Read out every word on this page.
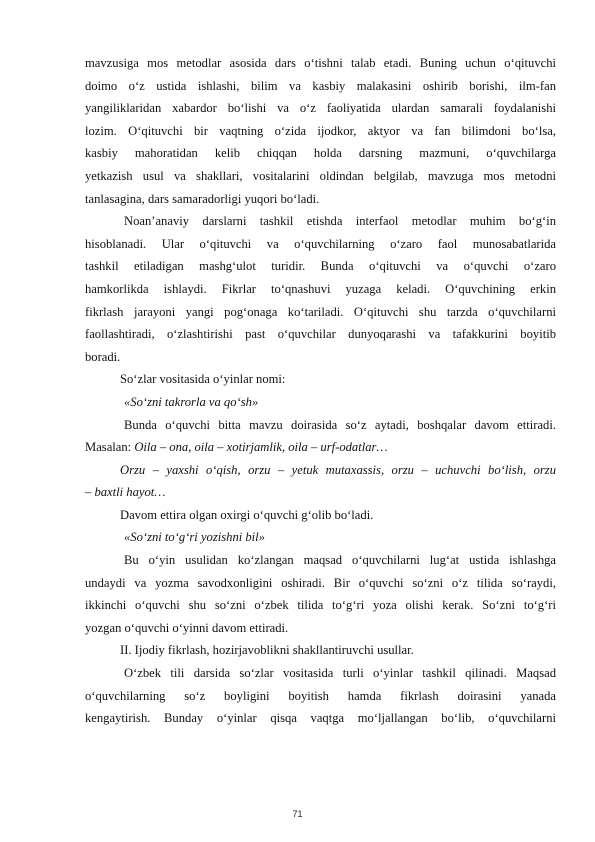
mavzusiga mos metodlar asosida dars o‘tishni talab etadi. Buning uchun o‘qituvchi
doimo o‘z ustida ishlashi, bilim va kasbiy malakasini oshirib borishi, ilm-fan
yangiliklaridan xabardor bo‘lishi va o‘z faoliyatida ulardan samarali foydalanishi
lozim. O‘qituvchi bir vaqtning o‘zida ijodkor, aktyor va fan bilimdoni bo‘lsa,
kasbiy mahoratidan kelib chiqqan holda darsning mazmuni, o‘quvchilarga
yetkazish usul va shakllari, vositalarini oldindan belgilab, mavzuga mos metodni
tanlasagina, dars samaradorligi yuqori bo‘ladi.
Noan’anaviy darslarni tashkil etishda interfaol metodlar muhim bo‘g‘in
hisoblanadi. Ular o‘qituvchi va o‘quvchilarning o‘zaro faol munosabatlarida
tashkil etiladigan mashg‘ulot turidir. Bunda o‘qituvchi va o‘quvchi o‘zaro
hamkorlikda ishlaydi. Fikrlar to‘qnashuvi yuzaga keladi. O‘quvchining erkin
fikrlash jarayoni yangi pog‘onaga ko‘tariladi. O‘qituvchi shu tarzda o‘quvchilarni
faollashtiradi, o‘zlashtirishi past o‘quvchilar dunyoqarashi va tafakkurini boyitib
boradi.
So‘zlar vositasida o‘yinlar nomi:
«So‘zni takrorla va qo‘sh»
Bunda o‘quvchi bitta mavzu doirasida so‘z aytadi, boshqalar davom ettiradi.
Masalan: Oila – ona, oila – xotirjamlik, oila – urf-odatlar…
Orzu – yaxshi o‘qish, orzu – yetuk mutaxassis, orzu – uchuvchi bo‘lish, orzu
– baxtli hayot…
Davom ettira olgan oxirgi o‘quvchi g‘olib bo‘ladi.
«So‘zni to‘g‘ri yozishni bil»
Bu o‘yin usulidan ko‘zlangan maqsad o‘quvchilarni lug‘at ustida ishlashga
undaydi va yozma savodxonligini oshiradi. Bir o‘quvchi so‘zni o‘z tilida so‘raydi,
ikkinchi o‘quvchi shu so‘zni o‘zbek tilida to‘g‘ri yoza olishi kerak. So‘zni to‘g‘ri
yozgan o‘quvchi o‘yinni davom ettiradi.
II. Ijodiy fikrlash, hozirjavoblikni shakllantiruvchi usullar.
O‘zbek tili darsida so‘zlar vositasida turli o‘yinlar tashkil qilinadi. Maqsad
o‘quvchilarning so‘z boyligini boyitish hamda fikrlash doirasini yanada
kengaytirish. Bunday o‘yinlar qisqa vaqtga mo‘ljallangan bo‘lib, o‘quvchilarni
71
